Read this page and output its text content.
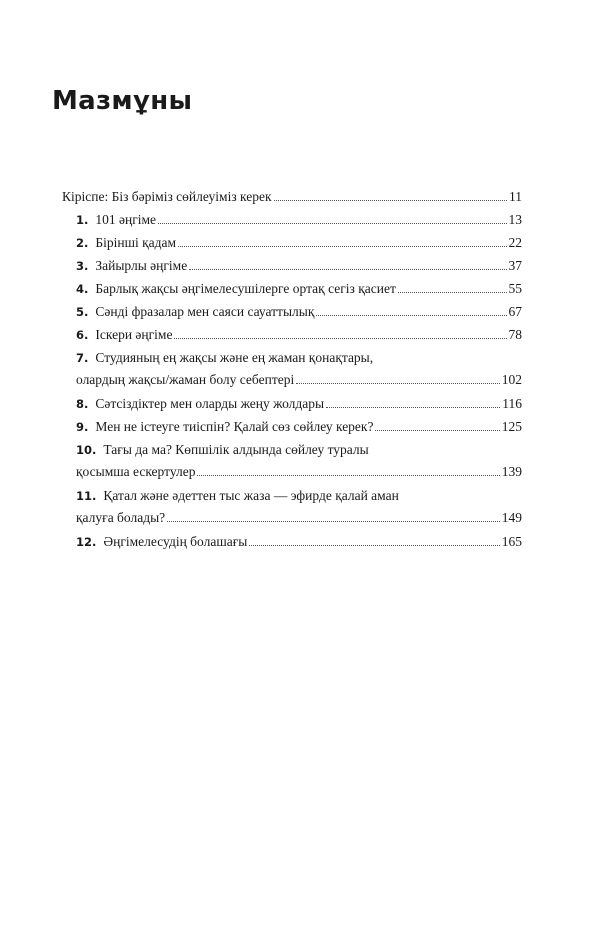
Мазмұны
Кіріспе: Біз бәріміз сөйлеуіміз керек	11
1. 101 әңгіме	13
2. Бірінші қадам	22
3. Зайырлы әңгіме	37
4. Барлық жақсы әңгімелесушілерге ортақ сегіз қасиет	55
5. Сәнді фразалар мен саяси сауаттылық	67
6. Іскери әңгіме	78
7. Студияның ең жақсы және ең жаман қонақтары,
олардың жақсы/жаман болу себептері	102
8. Сәтсіздіктер мен оларды жеңу жолдары	116
9. Мен не істеуге тиіспін? Қалай сөз сөйлеу керек?	125
10. Тағы да ма? Көпшілік алдында сөйлеу туралы
қосымша ескертулер	139
11. Қатал және әдеттен тыс жаза — эфирде қалай аман
қалуға болады?	149
12. Әңгімелесудің болашағы	165
